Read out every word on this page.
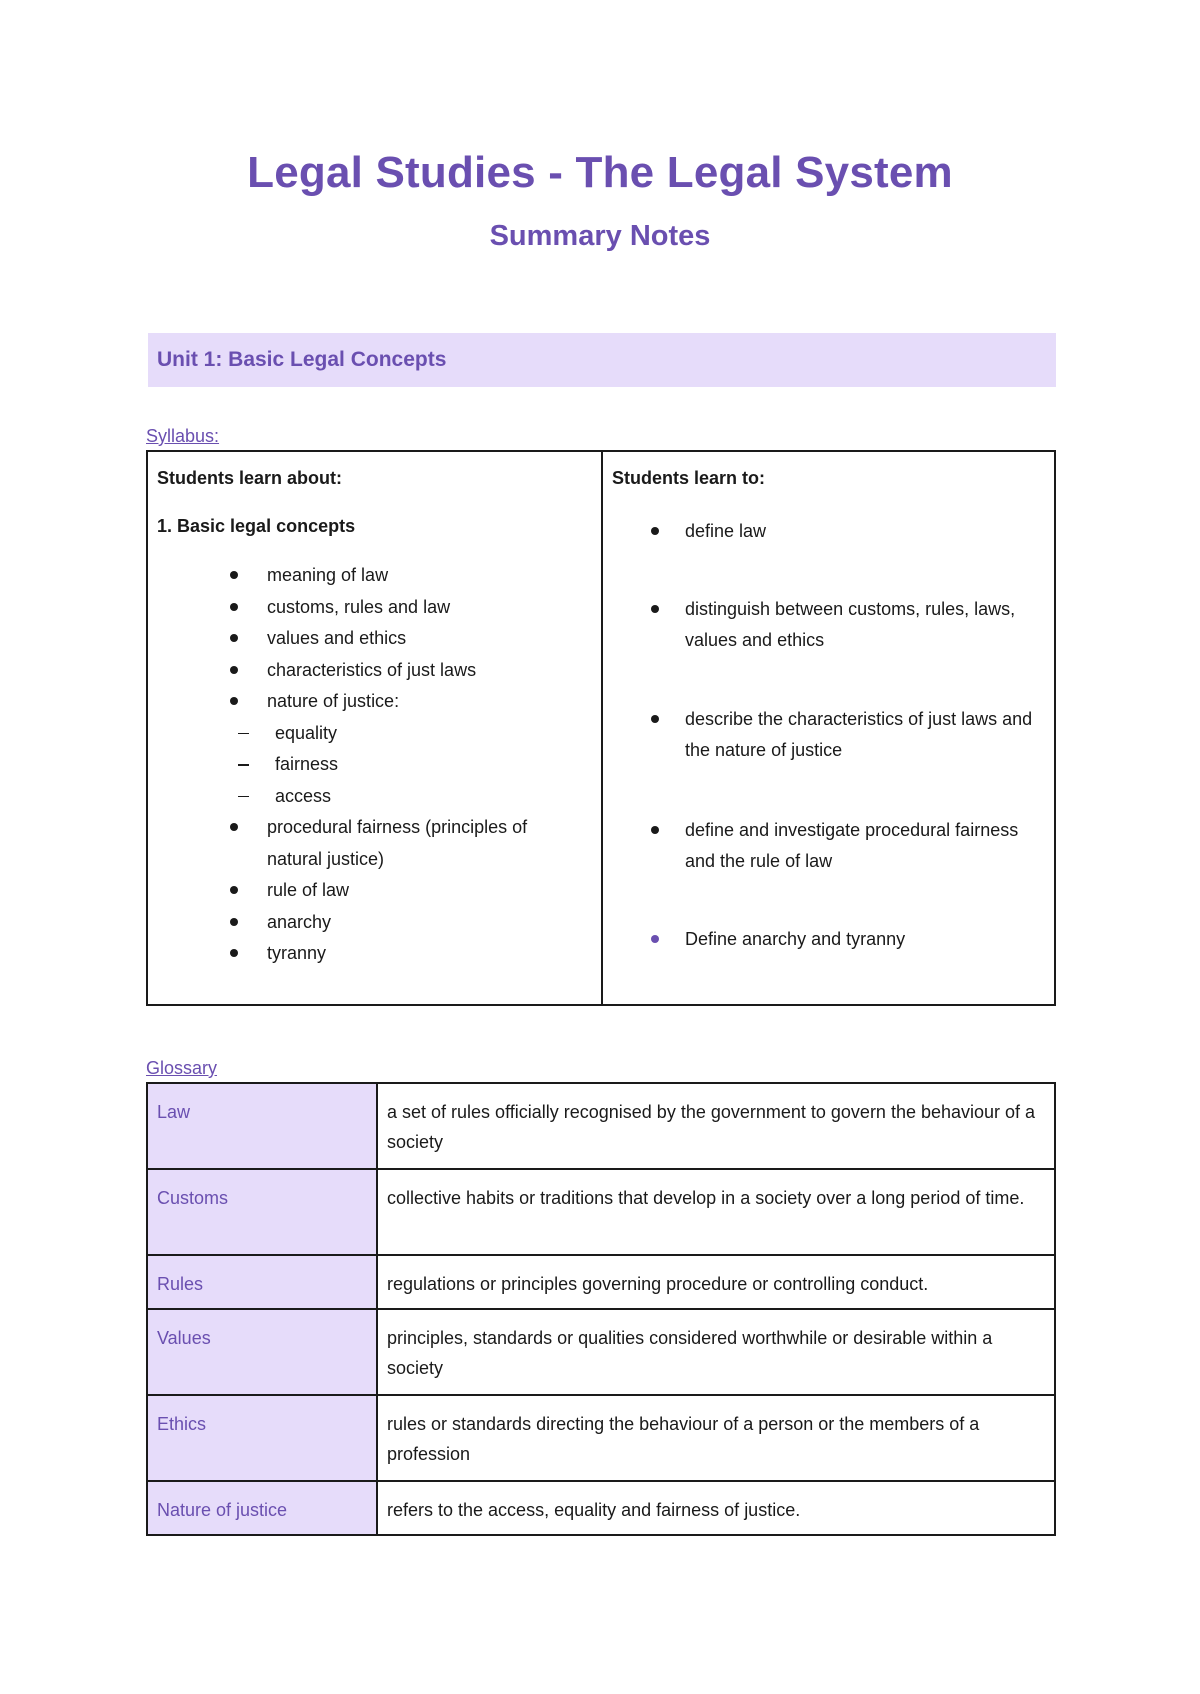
Legal Studies - The Legal System
Summary Notes
Unit 1: Basic Legal Concepts
Syllabus:
Students learn about:
1. Basic legal concepts
meaning of law
customs, rules and law
values and ethics
characteristics of just laws
nature of justice:
equality
fairness
access
procedural fairness (principles of natural justice)
rule of law
anarchy
tyranny
Students learn to:
define law
distinguish between customs, rules, laws, values and ethics
describe the characteristics of just laws and the nature of justice
define and investigate procedural fairness and the rule of law
Define anarchy and tyranny
Glossary
Law	a set of rules officially recognised by the government to govern the behaviour of a society
Customs	collective habits or traditions that develop in a society over a long period of time.
Rules	regulations or principles governing procedure or controlling conduct.
Values	principles, standards or qualities considered worthwhile or desirable within a society
Ethics	rules or standards directing the behaviour of a person or the members of a profession
Nature of justice	refers to the access, equality and fairness of justice.
